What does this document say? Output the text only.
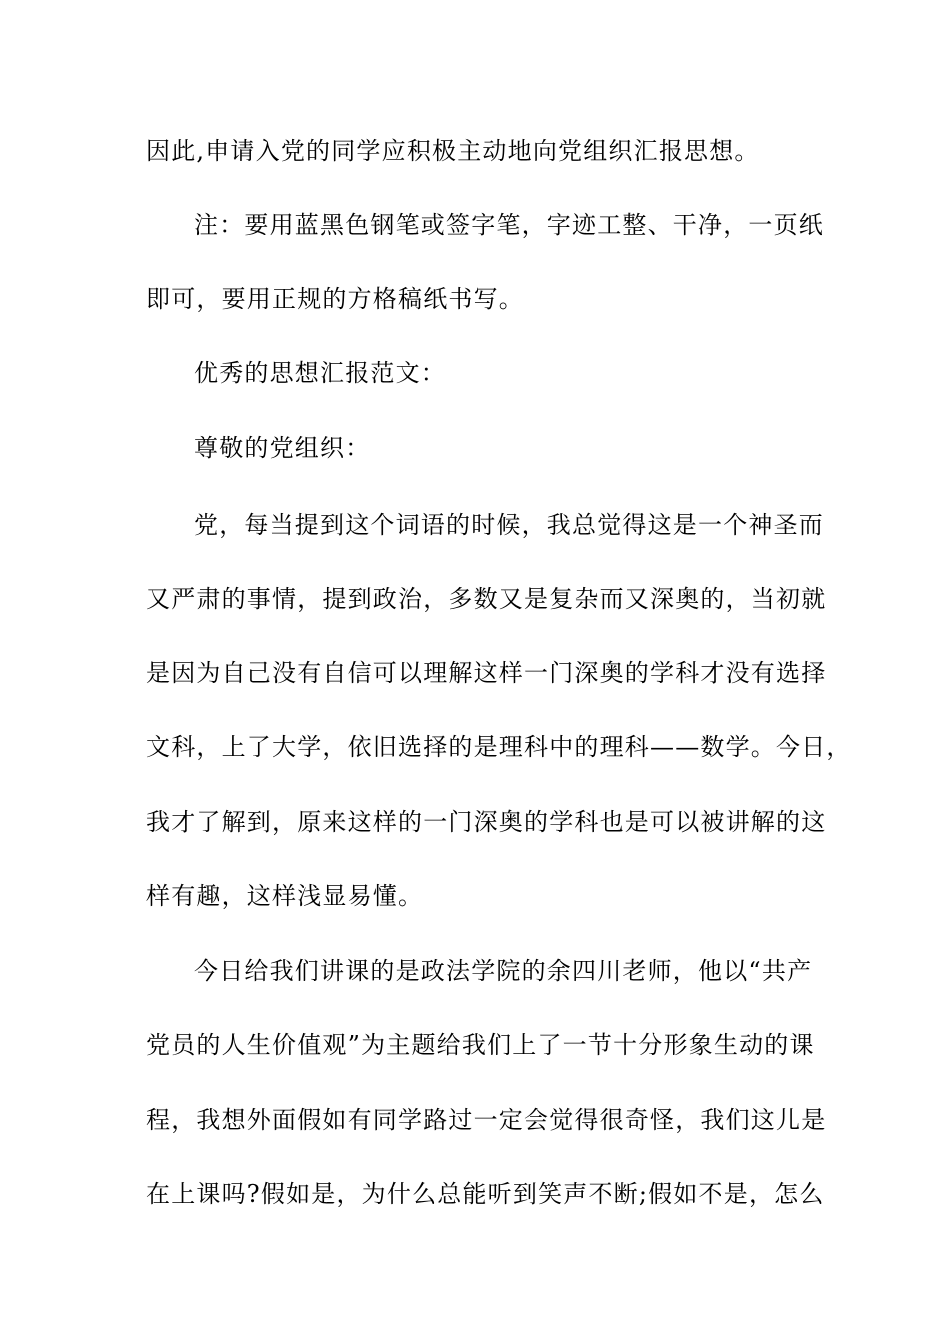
因此,申请入党的同学应积极主动地向党组织汇报思想。
注：要用蓝黑色钢笔或签字笔，字迹工整、干净，一页纸
即可，要用正规的方格稿纸书写。
优秀的思想汇报范文：
尊敬的党组织：
党，每当提到这个词语的时候，我总觉得这是一个神圣而
又严肃的事情，提到政治，多数又是复杂而又深奥的，当初就
是因为自己没有自信可以理解这样一门深奥的学科才没有选择
文科，上了大学，依旧选择的是理科中的理科——数学。今日，
我才了解到，原来这样的一门深奥的学科也是可以被讲解的这
样有趣，这样浅显易懂。
今日给我们讲课的是政法学院的余四川老师，他以“共产
党员的人生价值观”为主题给我们上了一节十分形象生动的课
程，我想外面假如有同学路过一定会觉得很奇怪，我们这儿是
在上课吗?假如是，为什么总能听到笑声不断;假如不是，怎么
